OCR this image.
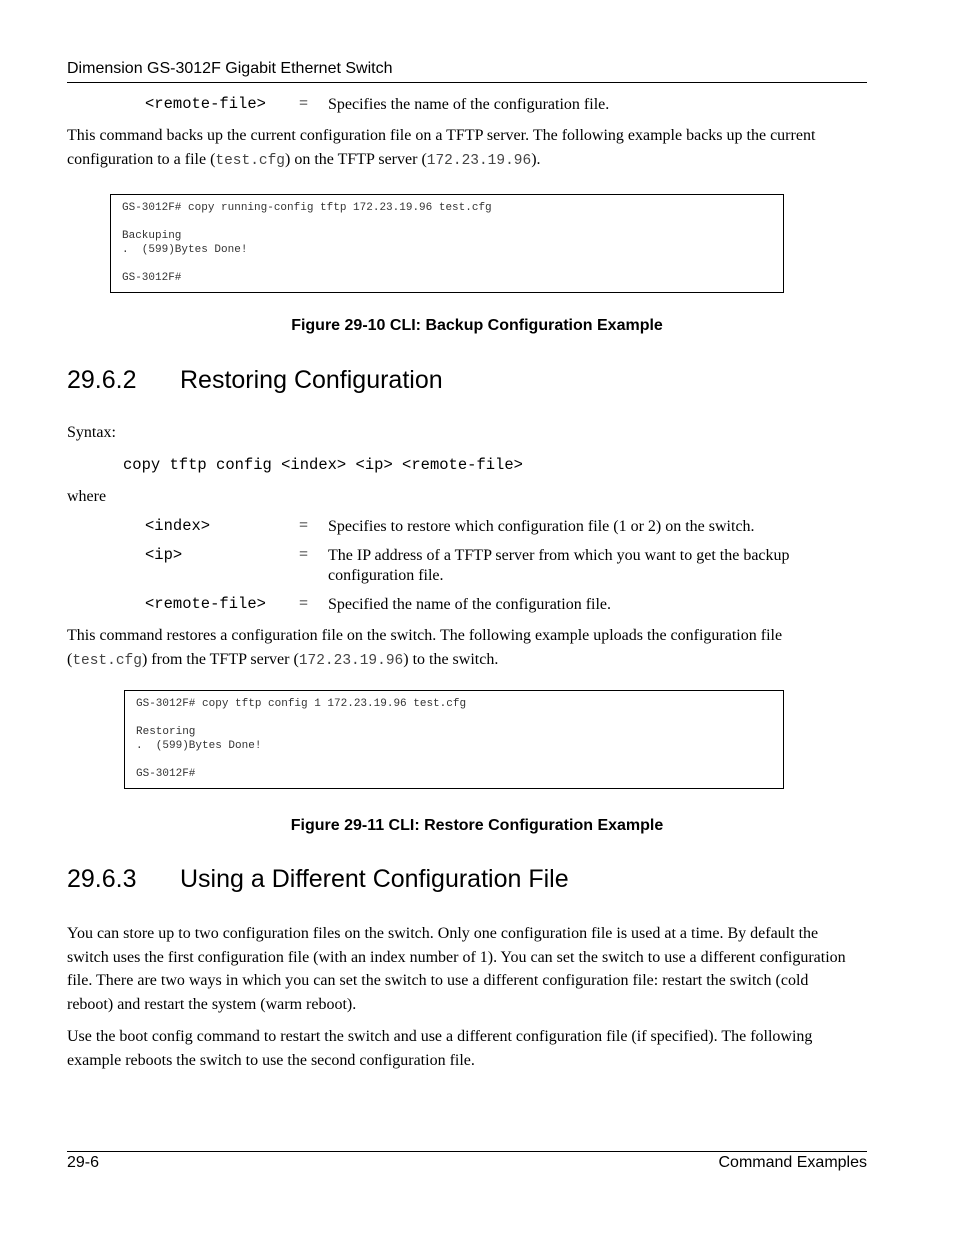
Dimension GS-3012F Gigabit Ethernet Switch
<remote-file> = Specifies the name of the configuration file.
This command backs up the current configuration file on a TFTP server. The following example backs up the current configuration to a file (test.cfg) on the TFTP server (172.23.19.96).
GS-3012F# copy running-config tftp 172.23.19.96 test.cfg
Backuping
.  (599)Bytes Done!
GS-3012F#
Figure 29-10 CLI: Backup Configuration Example
29.6.2 Restoring Configuration
Syntax:
copy tftp config <index> <ip> <remote-file>
where
<index>	= Specifies to restore which configuration file (1 or 2) on the switch.
<ip>	= The IP address of a TFTP server from which you want to get the backup configuration file.
<remote-file> = Specified the name of the configuration file.
This command restores a configuration file on the switch. The following example uploads the configuration file (test.cfg) from the TFTP server (172.23.19.96) to the switch.
GS-3012F# copy tftp config 1 172.23.19.96 test.cfg
Restoring
.  (599)Bytes Done!
GS-3012F#
Figure 29-11 CLI: Restore Configuration Example
29.6.3 Using a Different Configuration File
You can store up to two configuration files on the switch. Only one configuration file is used at a time. By default the switch uses the first configuration file (with an index number of 1). You can set the switch to use a different configuration file. There are two ways in which you can set the switch to use a different configuration file: restart the switch (cold reboot) and restart the system (warm reboot).
Use the boot config command to restart the switch and use a different configuration file (if specified). The following example reboots the switch to use the second configuration file.
29-6	Command Examples
